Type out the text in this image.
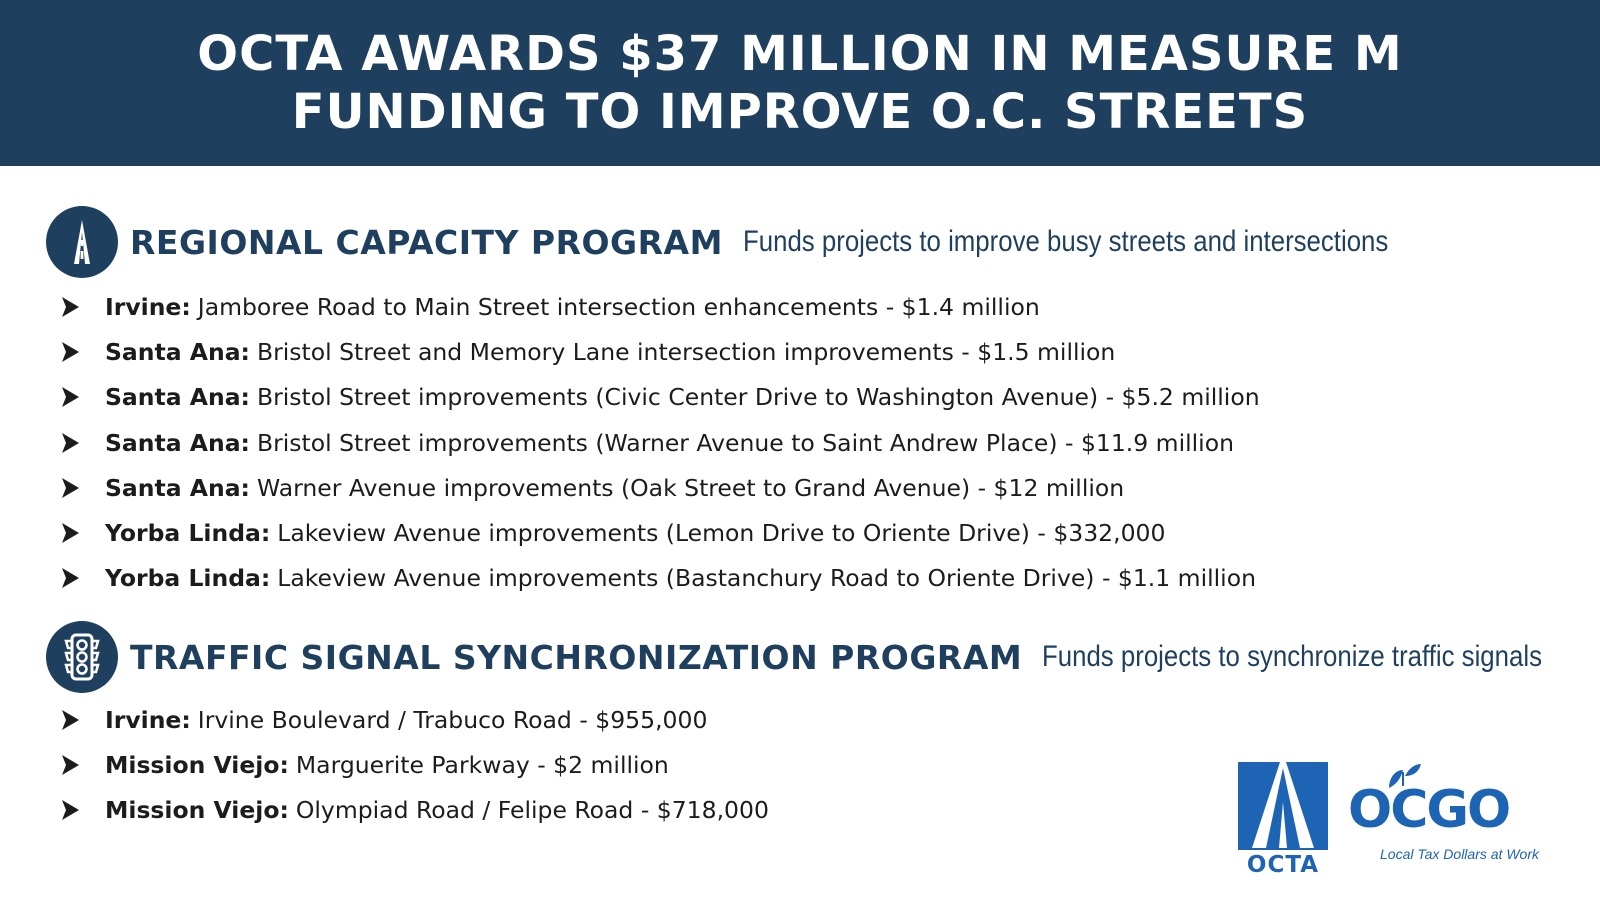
OCTA AWARDS $37 MILLION IN MEASURE M
FUNDING TO IMPROVE O.C. STREETS
REGIONAL CAPACITY PROGRAM Funds projects to improve busy streets and intersections
Irvine: Jamboree Road to Main Street intersection enhancements - $1.4 million
Santa Ana: Bristol Street and Memory Lane intersection improvements - $1.5 million
Santa Ana: Bristol Street improvements (Civic Center Drive to Washington Avenue) - $5.2 million
Santa Ana: Bristol Street improvements (Warner Avenue to Saint Andrew Place) - $11.9 million
Santa Ana: Warner Avenue improvements (Oak Street to Grand Avenue) - $12 million
Yorba Linda: Lakeview Avenue improvements (Lemon Drive to Oriente Drive) - $332,000
Yorba Linda: Lakeview Avenue improvements (Bastanchury Road to Oriente Drive) - $1.1 million
TRAFFIC SIGNAL SYNCHRONIZATION PROGRAM Funds projects to synchronize traffic signals
Irvine: Irvine Boulevard / Trabuco Road - $955,000
Mission Viejo: Marguerite Parkway - $2 million
Mission Viejo: Olympiad Road / Felipe Road - $718,000
OCTA
OCGO
Local Tax Dollars at Work
